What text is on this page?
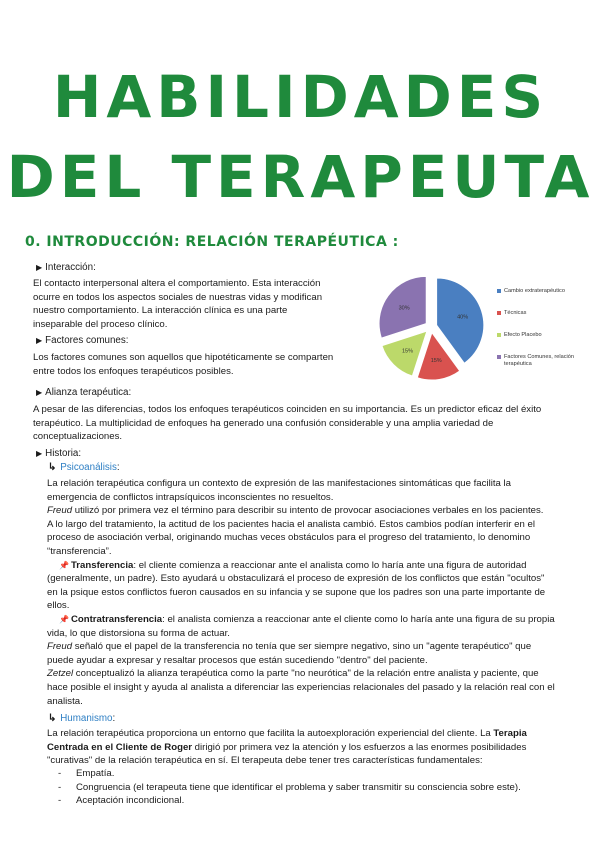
HABILIDADES
DEL TERAPEUTA
0. INTRODUCCIÓN: RELACIÓN TERAPÉUTICA :
▶ Interacción:
El contacto interpersonal altera el comportamiento. Esta interacción
ocurre en todos los aspectos sociales de nuestras vidas y modifican
nuestro comportamiento. La interacción clínica es una parte
inseparable del proceso clínico.
▶ Factores comunes:
Los factores comunes son aquellos que hipotéticamente se comparten
entre todos los enfoques terapéuticos posibles.
40%
15%
15%
30%
Cambio extraterapéutico
Técnicas
Efecto Placebo
Factores Comunes, relación terapéutica
▶ Alianza terapéutica:
A pesar de las diferencias, todos los enfoques terapéuticos coinciden en su importancia. Es un predictor eficaz del éxito
terapéutico. La multiplicidad de enfoques ha generado una confusión considerable y una amplia variedad de
conceptualizaciones.
▶ Historia:
↳ Psicoanálisis:
La relación terapéutica configura un contexto de expresión de las manifestaciones sintomáticas que facilita la
emergencia de conflictos intrapsíquicos inconscientes no resueltos.
Freud utilizó por primera vez el término para describir su intento de provocar asociaciones verbales en los pacientes.
A lo largo del tratamiento, la actitud de los pacientes hacia el analista cambió. Estos cambios podían interferir en el
proceso de asociación verbal, originando muchas veces obstáculos para el progreso del tratamiento, lo denomino
“transferencia”.
📌 Transferencia: el cliente comienza a reaccionar ante el analista como lo haría ante una figura de autoridad
(generalmente, un padre). Esto ayudará u obstaculizará el proceso de expresión de los conflictos que están "ocultos"
en la psique estos conflictos fueron causados en su infancia y se supone que los padres son una parte importante de
ellos.
📌 Contratransferencia: el analista comienza a reaccionar ante el cliente como lo haría ante una figura de su propia
vida, lo que distorsiona su forma de actuar.
Freud señaló que el papel de la transferencia no tenía que ser siempre negativo, sino un "agente terapéutico" que
puede ayudar a expresar y resaltar procesos que están sucediendo "dentro" del paciente.
Zetzel conceptualizó la alianza terapéutica como la parte "no neurótica" de la relación entre analista y paciente, que
hace posible el insight y ayuda al analista a diferenciar las experiencias relacionales del pasado y la relación real con el
analista.
↳ Humanismo:
La relación terapéutica proporciona un entorno que facilita la autoexploración experiencial del cliente. La Terapia
Centrada en el Cliente de Roger dirigió por primera vez la atención y los esfuerzos a las enormes posibilidades
"curativas" de la relación terapéutica en sí. El terapeuta debe tener tres características fundamentales:
- Empatía.
- Congruencia (el terapeuta tiene que identificar el problema y saber transmitir su consciencia sobre este).
- Aceptación incondicional.
